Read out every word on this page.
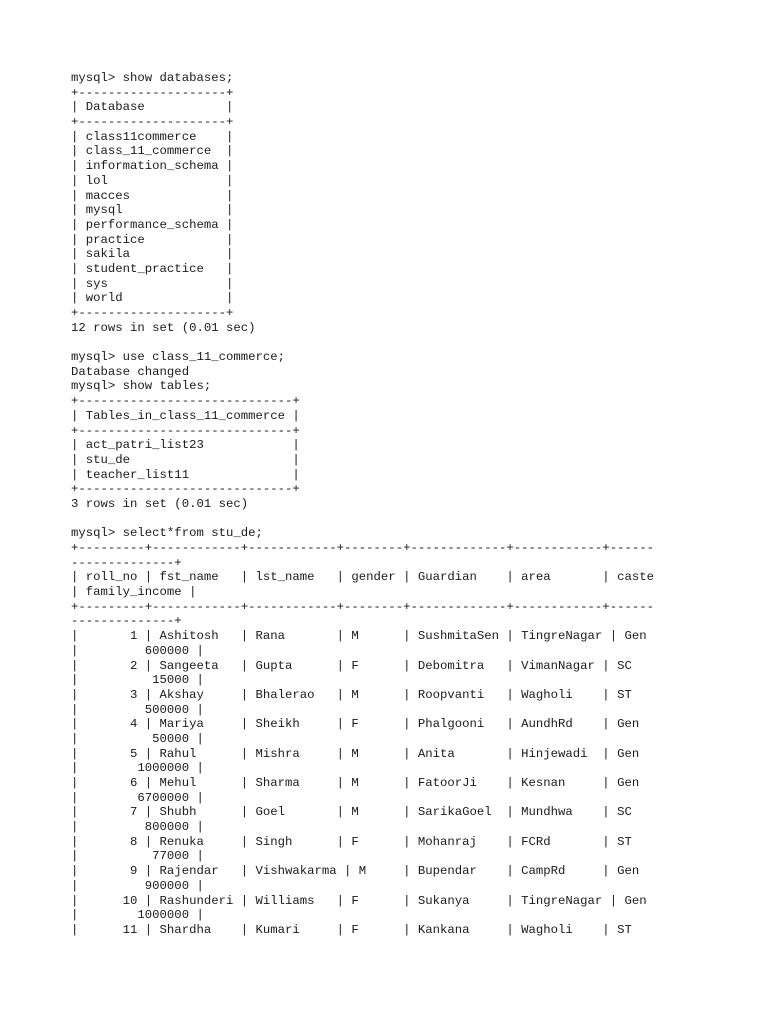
mysql> show databases;
+--------------------+
| Database           |
+--------------------+
| class11commerce    |
| class_11_commerce  |
| information_schema |
| lol                |
| macces             |
| mysql              |
| performance_schema |
| practice           |
| sakila             |
| student_practice   |
| sys                |
| world              |
+--------------------+
12 rows in set (0.01 sec)
mysql> use class_11_commerce;
Database changed
mysql> show tables;
+-----------------------------+
| Tables_in_class_11_commerce |
+-----------------------------+
| act_patri_list23            |
| stu_de                      |
| teacher_list11              |
+-----------------------------+
3 rows in set (0.01 sec)
mysql> select*from stu_de;
+---------+------------+------------+--------+-------------+------------+------
--------------+
| roll_no | fst_name   | lst_name   | gender | Guardian    | area       | caste
| family_income |
+---------+------------+------------+--------+-------------+------------+------
--------------+
|       1 | Ashitosh   | Rana       | M      | SushmitaSen | TingreNagar | Gen
|         600000 |
|       2 | Sangeeta   | Gupta      | F      | Debomitra   | VimanNagar | SC
|          15000 |
|       3 | Akshay     | Bhalerao   | M      | Roopvanti   | Wagholi    | ST
|         500000 |
|       4 | Mariya     | Sheikh     | F      | Phalgooni   | AundhRd    | Gen
|          50000 |
|       5 | Rahul      | Mishra     | M      | Anita       | Hinjewadi  | Gen
|        1000000 |
|       6 | Mehul      | Sharma     | M      | FatoorJi    | Kesnan     | Gen
|        6700000 |
|       7 | Shubh      | Goel       | M      | SarikaGoel  | Mundhwa    | SC
|         800000 |
|       8 | Renuka     | Singh      | F      | Mohanraj    | FCRd       | ST
|          77000 |
|       9 | Rajendar   | Vishwakarma | M     | Bupendar    | CampRd     | Gen
|         900000 |
|      10 | Rashunderi | Williams   | F      | Sukanya     | TingreNagar | Gen
|        1000000 |
|      11 | Shardha    | Kumari     | F      | Kankana     | Wagholi    | ST
